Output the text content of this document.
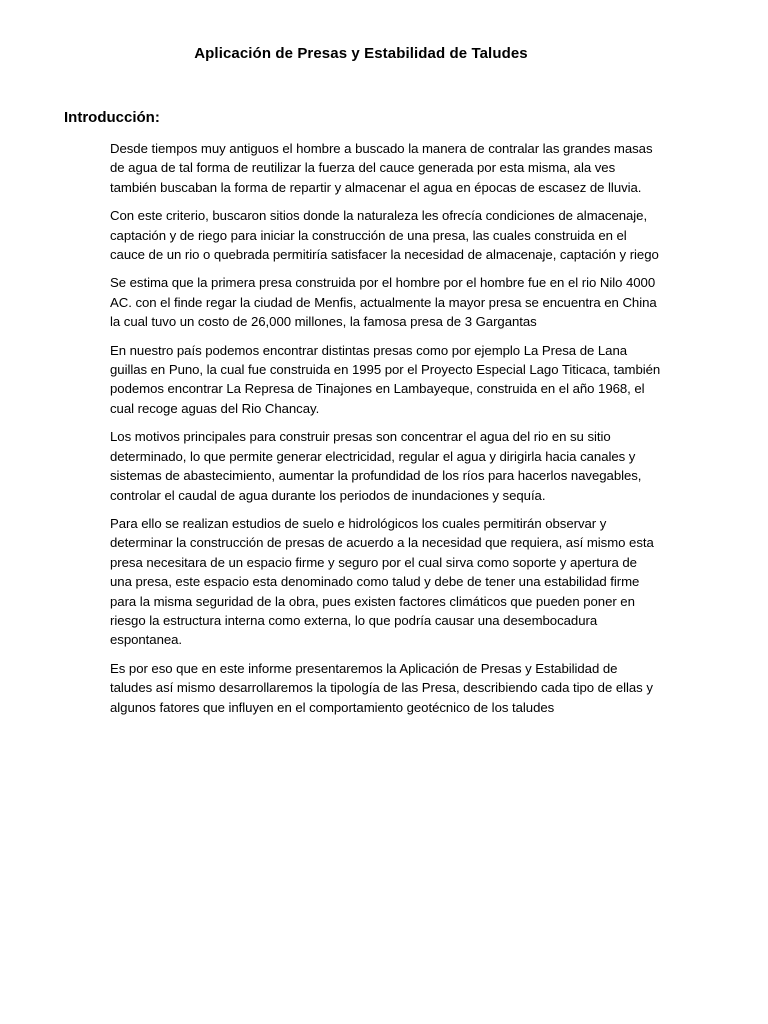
Aplicación de Presas y Estabilidad de Taludes
Introducción:

Desde tiempos muy antiguos el hombre a buscado la manera de contralar las grandes masas de agua de tal forma de reutilizar la fuerza del cauce generada por esta misma, ala ves también buscaban la forma de repartir y almacenar el agua en épocas de escasez de lluvia.

Con este criterio, buscaron sitios donde la naturaleza les ofrecía condiciones de almacenaje, captación y de riego para iniciar la construcción de una presa, las cuales construida en el cauce de un rio o quebrada permitiría satisfacer la necesidad de almacenaje, captación y riego

Se estima que la primera presa construida por el hombre por el hombre fue en el rio Nilo 4000 AC. con el finde regar la ciudad de Menfis, actualmente la mayor presa se encuentra en China la cual tuvo un costo de 26,000 millones, la famosa presa de 3 Gargantas

En nuestro país podemos encontrar distintas presas como por ejemplo La Presa de Lana guillas en Puno, la cual fue construida en 1995 por el Proyecto Especial Lago Titicaca, también podemos encontrar La Represa de Tinajones en Lambayeque, construida en el año 1968, el cual recoge aguas del Rio Chancay.

Los motivos principales para construir presas son concentrar el agua del rio en su sitio determinado, lo que permite generar electricidad, regular el agua y dirigirla hacia canales y sistemas de abastecimiento, aumentar la profundidad de los ríos para hacerlos navegables, controlar el caudal de agua durante los periodos de inundaciones y sequía.

Para ello se realizan estudios de suelo e hidrológicos los cuales permitirán observar y determinar la construcción de presas de acuerdo a la necesidad que requiera, así mismo esta presa necesitara de un espacio firme y seguro por el cual sirva como soporte y apertura de una presa, este espacio esta denominado como talud y debe de tener una estabilidad firme para la misma seguridad de la obra, pues existen factores climáticos que pueden poner en riesgo la estructura interna como externa, lo que podría causar una desembocadura espontanea.

Es por eso que en este informe presentaremos la Aplicación de Presas y Estabilidad de taludes así mismo desarrollaremos la tipología de las Presa, describiendo cada tipo de ellas y algunos fatores que influyen en el comportamiento geotécnico de los taludes
